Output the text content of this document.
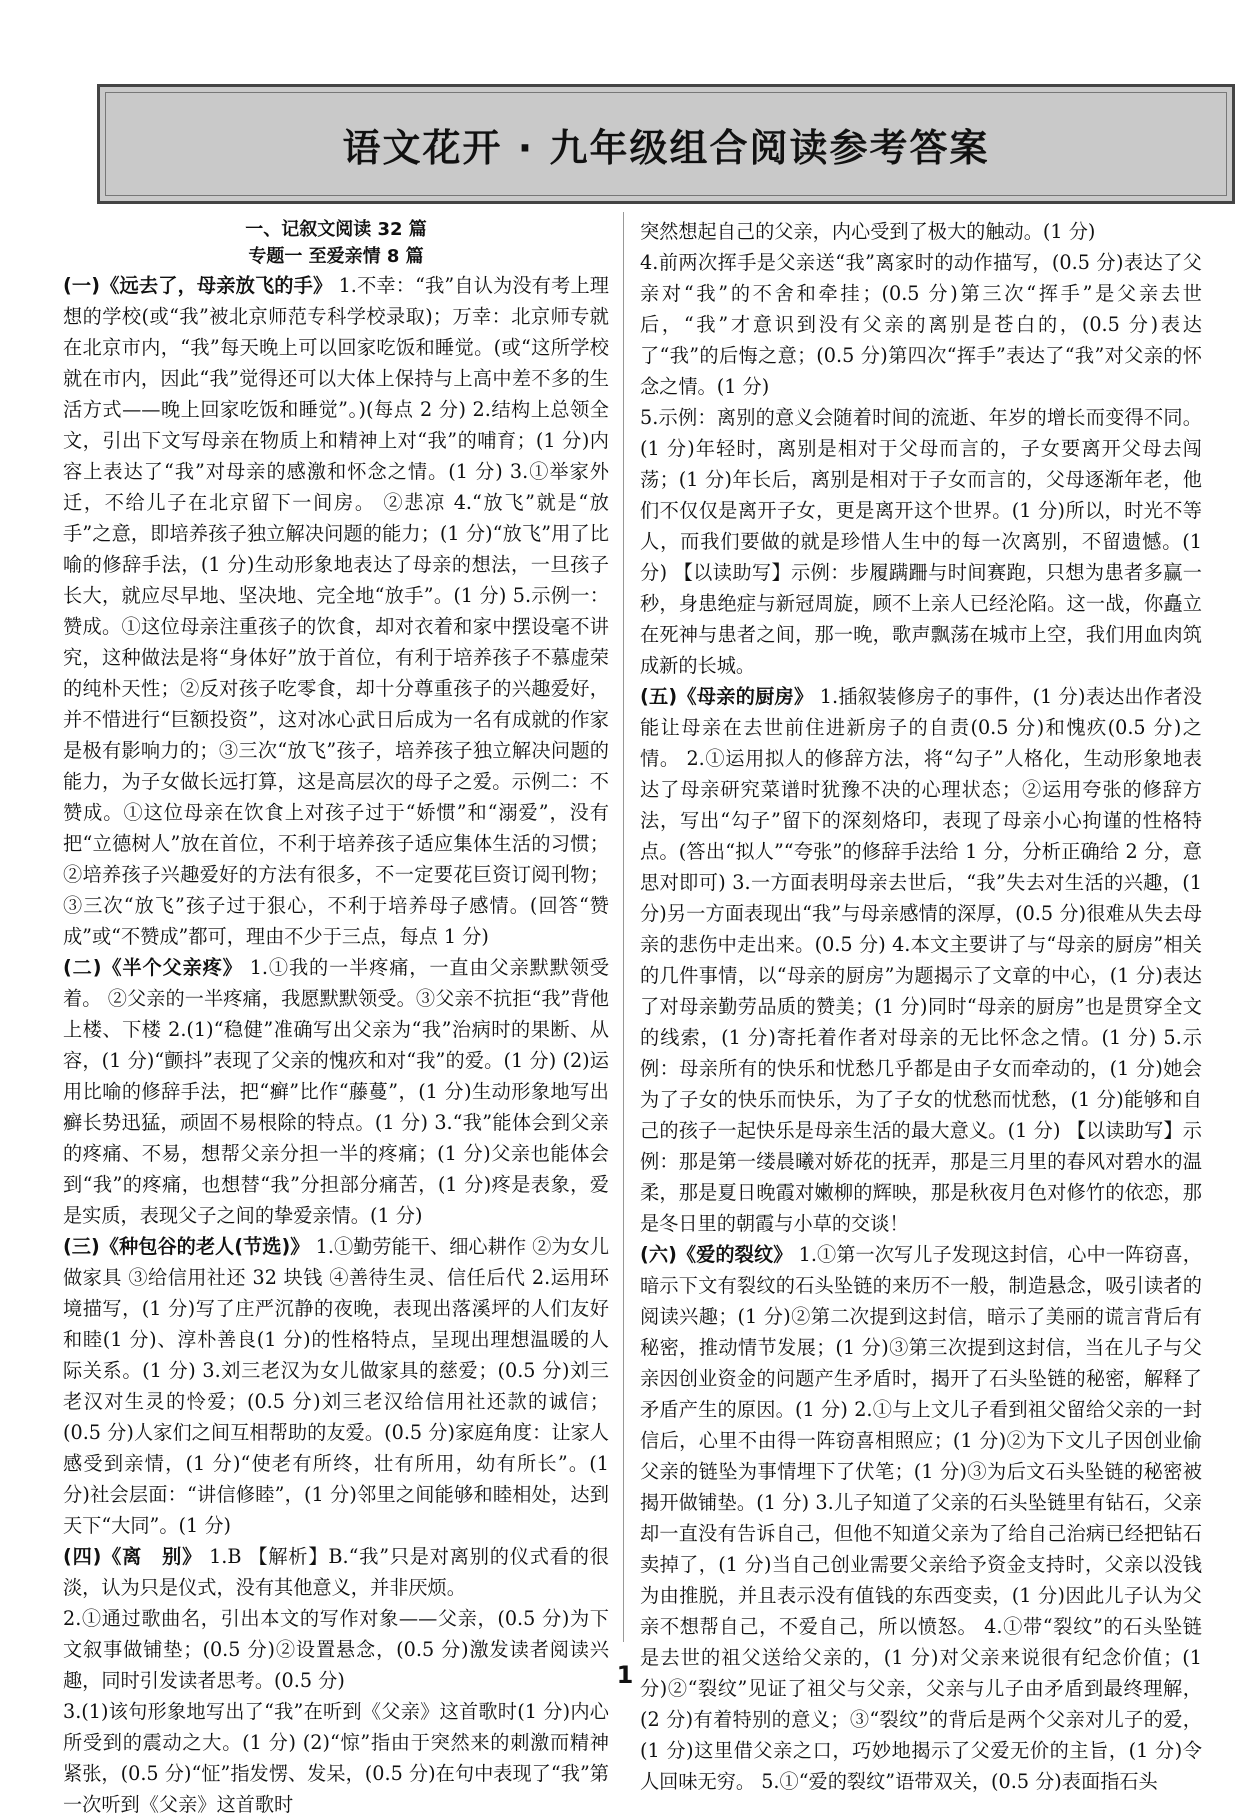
语文花开 · 九年级组合阅读参考答案

一、记叙文阅读 32 篇

专题一 至爱亲情 8 篇

(一)《远去了，母亲放飞的手》 1.不幸：“我”自认为没有考上理想的学校(或“我”被北京师范专科学校录取)；万幸：北京师专就在北京市内，“我”每天晚上可以回家吃饭和睡觉。(或“这所学校就在市内，因此“我”觉得还可以大体上保持与上高中差不多的生活方式——晚上回家吃饭和睡觉”。)(每点 2 分) 2.结构上总领全文，引出下文写母亲在物质上和精神上对“我”的哺育；(1 分)内容上表达了“我”对母亲的感激和怀念之情。(1 分) 3.①举家外迁，不给儿子在北京留下一间房。 ②悲凉 4.“放飞”就是“放手”之意，即培养孩子独立解决问题的能力；(1 分)“放飞”用了比喻的修辞手法，(1 分)生动形象地表达了母亲的想法，一旦孩子长大，就应尽早地、坚决地、完全地“放手”。(1 分) 5.示例一：赞成。①这位母亲注重孩子的饮食，却对衣着和家中摆设毫不讲究，这种做法是将“身体好”放于首位，有利于培养孩子不慕虚荣的纯朴天性；②反对孩子吃零食，却十分尊重孩子的兴趣爱好，并不惜进行“巨额投资”，这对冰心武日后成为一名有成就的作家是极有影响力的；③三次“放飞”孩子，培养孩子独立解决问题的能力，为子女做长远打算，这是高层次的母子之爱。示例二：不赞成。①这位母亲在饮食上对孩子过于“娇惯”和“溺爱”，没有把“立德树人”放在首位，不利于培养孩子适应集体生活的习惯；②培养孩子兴趣爱好的方法有很多，不一定要花巨资订阅刊物；③三次“放飞”孩子过于狠心，不利于培养母子感情。(回答“赞成”或“不赞成”都可，理由不少于三点，每点 1 分)

(二)《半个父亲疼》 1.①我的一半疼痛，一直由父亲默默领受着。 ②父亲的一半疼痛，我愿默默领受。③父亲不抗拒“我”背他上楼、下楼 2.(1)“稳健”准确写出父亲为“我”治病时的果断、从容，(1 分)“颤抖”表现了父亲的愧疚和对“我”的爱。(1 分) (2)运用比喻的修辞手法，把“癣”比作“藤蔓”，(1 分)生动形象地写出癣长势迅猛，顽固不易根除的特点。(1 分) 3.“我”能体会到父亲的疼痛、不易，想帮父亲分担一半的疼痛；(1 分)父亲也能体会到“我”的疼痛，也想替“我”分担部分痛苦，(1 分)疼是表象，爱是实质，表现父子之间的挚爱亲情。(1 分)

(三)《种包谷的老人(节选)》 1.①勤劳能干、细心耕作 ②为女儿做家具 ③给信用社还 32 块钱 ④善待生灵、信任后代 2.运用环境描写，(1 分)写了庄严沉静的夜晚，表现出落溪坪的人们友好和睦(1 分)、淳朴善良(1 分)的性格特点，呈现出理想温暖的人际关系。(1 分) 3.刘三老汉为女儿做家具的慈爱；(0.5 分)刘三老汉对生灵的怜爱；(0.5 分)刘三老汉给信用社还款的诚信；(0.5 分)人家们之间互相帮助的友爱。(0.5 分)家庭角度：让家人感受到亲情，(1 分)“使老有所终，壮有所用，幼有所长”。(1 分)社会层面：“讲信修睦”，(1 分)邻里之间能够和睦相处，达到天下“大同”。(1 分)

(四)《离　别》 1.B 【解析】B.“我”只是对离别的仪式看的很淡，认为只是仪式，没有其他意义，并非厌烦。

2.①通过歌曲名，引出本文的写作对象——父亲，(0.5 分)为下文叙事做铺垫；(0.5 分)②设置悬念，(0.5 分)激发读者阅读兴趣，同时引发读者思考。(0.5 分)

3.(1)该句形象地写出了“我”在听到《父亲》这首歌时(1 分)内心所受到的震动之大。(1 分) (2)“惊”指由于突然来的刺激而精神紧张，(0.5 分)“怔”指发愣、发呆，(0.5 分)在句中表现了“我”第一次听到《父亲》这首歌时

突然想起自己的父亲，内心受到了极大的触动。(1 分)

4.前两次挥手是父亲送“我”离家时的动作描写，(0.5 分)表达了父亲对“我”的不舍和牵挂；(0.5 分)第三次“挥手”是父亲去世后，“我”才意识到没有父亲的离别是苍白的，(0.5 分)表达了“我”的后悔之意；(0.5 分)第四次“挥手”表达了“我”对父亲的怀念之情。(1 分)

5.示例：离别的意义会随着时间的流逝、年岁的增长而变得不同。(1 分)年轻时，离别是相对于父母而言的，子女要离开父母去闯荡；(1 分)年长后，离别是相对于子女而言的，父母逐渐年老，他们不仅仅是离开子女，更是离开这个世界。(1 分)所以，时光不等人，而我们要做的就是珍惜人生中的每一次离别，不留遗憾。(1 分) 【以读助写】示例：步履蹒跚与时间赛跑，只想为患者多赢一秒，身患绝症与新冠周旋，顾不上亲人已经沦陷。这一战，你矗立在死神与患者之间，那一晚，歌声飘荡在城市上空，我们用血肉筑成新的长城。

(五)《母亲的厨房》 1.插叙装修房子的事件，(1 分)表达出作者没能让母亲在去世前住进新房子的自责(0.5 分)和愧疚(0.5 分)之情。 2.①运用拟人的修辞方法，将“勾子”人格化，生动形象地表达了母亲研究菜谱时犹豫不决的心理状态；②运用夸张的修辞方法，写出“勾子”留下的深刻烙印，表现了母亲小心拘谨的性格特点。(答出“拟人”“夸张”的修辞手法给 1 分，分析正确给 2 分，意思对即可) 3.一方面表明母亲去世后，“我”失去对生活的兴趣，(1 分)另一方面表现出“我”与母亲感情的深厚，(0.5 分)很难从失去母亲的悲伤中走出来。(0.5 分) 4.本文主要讲了与“母亲的厨房”相关的几件事情，以“母亲的厨房”为题揭示了文章的中心，(1 分)表达了对母亲勤劳品质的赞美；(1 分)同时“母亲的厨房”也是贯穿全文的线索，(1 分)寄托着作者对母亲的无比怀念之情。(1 分) 5.示例：母亲所有的快乐和忧愁几乎都是由子女而牵动的，(1 分)她会为了子女的快乐而快乐，为了子女的忧愁而忧愁，(1 分)能够和自己的孩子一起快乐是母亲生活的最大意义。(1 分) 【以读助写】示例：那是第一缕晨曦对娇花的抚弄，那是三月里的春风对碧水的温柔，那是夏日晚霞对嫩柳的辉映，那是秋夜月色对修竹的依恋，那是冬日里的朝霞与小草的交谈！

(六)《爱的裂纹》 1.①第一次写儿子发现这封信，心中一阵窃喜，暗示下文有裂纹的石头坠链的来历不一般，制造悬念，吸引读者的阅读兴趣；(1 分)②第二次提到这封信，暗示了美丽的谎言背后有秘密，推动情节发展；(1 分)③第三次提到这封信，当在儿子与父亲因创业资金的问题产生矛盾时，揭开了石头坠链的秘密，解释了矛盾产生的原因。(1 分) 2.①与上文儿子看到祖父留给父亲的一封信后，心里不由得一阵窃喜相照应；(1 分)②为下文儿子因创业偷父亲的链坠为事情埋下了伏笔；(1 分)③为后文石头坠链的秘密被揭开做铺垫。(1 分) 3.儿子知道了父亲的石头坠链里有钻石，父亲却一直没有告诉自己，但他不知道父亲为了给自己治病已经把钻石卖掉了，(1 分)当自己创业需要父亲给予资金支持时，父亲以没钱为由推脱，并且表示没有值钱的东西变卖，(1 分)因此儿子认为父亲不想帮自己，不爱自己，所以愤怒。 4.①带“裂纹”的石头坠链是去世的祖父送给父亲的，(1 分)对父亲来说很有纪念价值；(1 分)②“裂纹”见证了祖父与父亲，父亲与儿子由矛盾到最终理解，(2 分)有着特别的意义；③“裂纹”的背后是两个父亲对儿子的爱，(1 分)这里借父亲之口，巧妙地揭示了父爱无价的主旨，(1 分)令人回味无穷。 5.①“爱的裂纹”语带双关，(0.5 分)表面指石头

1
